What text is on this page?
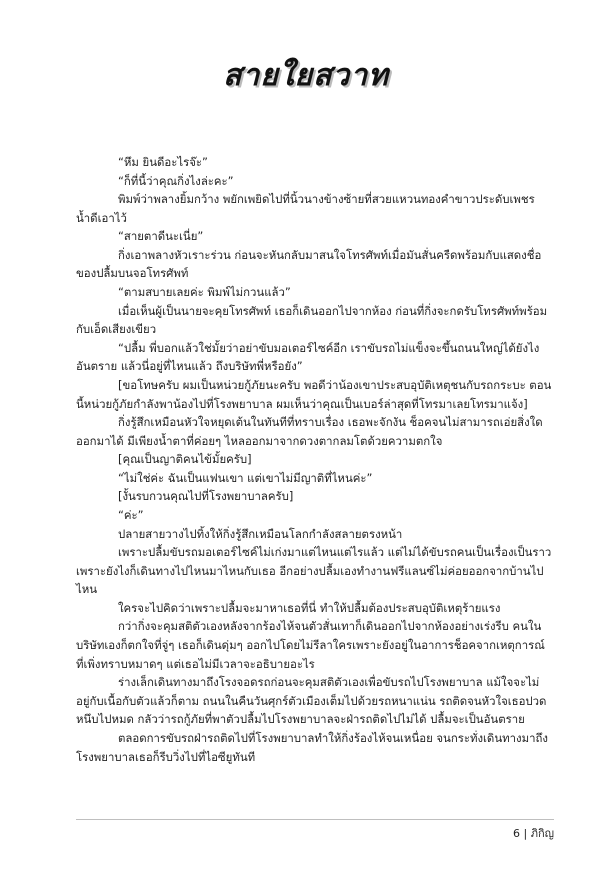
สายใยสวาท

“หึม ยินดีอะไรจ๊ะ”

“ก็ที่นี้ว่าคุณกิ่งไงล่ะคะ”

พิมพ์ว่าพลางยิ้มกว้าง พยักเพยิดไปที่นิ้วนางข้างซ้ายที่สวยแหวนทองคำขาวประดับเพชรน้ำดีเอาไว้

“สายตาดีนะเนี่ย”

กิ่งเอาพลางหัวเราะร่วน ก่อนจะหันกลับมาสนใจโทรศัพท์เมื่อมันสั่นครืดพร้อมกับแสดงชื่อของปลื้มบนจอโทรศัพท์

“ตามสบายเลยค่ะ พิมพ์ไม่กวนแล้ว”

เมื่อเห็นผู้เป็นนายจะคุยโทรศัพท์ เธอก็เดินออกไปจากห้อง ก่อนที่กิ่งจะกดรับโทรศัพท์พร้อมกับเอ็ดเสียงเขียว

“ปลื้ม พี่บอกแล้วใช่มั้ยว่าอย่าขับมอเตอร์ไซค์อีก เราขับรถไม่แข็งจะขึ้นถนนใหญ่ได้ยังไงอันตราย แล้วนี่อยู่ที่ไหนแล้ว ถึงบริษัทพี่หรือยัง”

[ขอโทษครับ ผมเป็นหน่วยกู้ภัยนะครับ พอดีว่าน้องเขาประสบอุบัติเหตุชนกับรถกระบะ ตอนนี้หน่วยกู้ภัยกำลังพาน้องไปที่โรงพยาบาล ผมเห็นว่าคุณเป็นเบอร์ล่าสุดที่โทรมาเลยโทรมาแจ้ง]

กิ่งรู้สึกเหมือนหัวใจหยุดเต้นในทันทีที่ทราบเรื่อง เธอพะจักงัน ช็อคจนไม่สามารถเอ่ยสิ่งใดออกมาได้ มีเพียงน้ำตาที่ค่อยๆ ไหลออกมาจากดวงตากลมโตด้วยความตกใจ

[คุณเป็นญาติคนไข้มั้ยครับ]

“ไม่ใช่ค่ะ ฉันเป็นแฟนเขา แต่เขาไม่มีญาติที่ไหนค่ะ”

[งั้นรบกวนคุณไปที่โรงพยาบาลครับ]

“ค่ะ”

ปลายสายวางไปทิ้งให้กิ่งรู้สึกเหมือนโลกกำลังสลายตรงหน้า

เพราะปลื้มขับรถมอเตอร์ไซค์ไม่เก่งมาแต่ไหนแต่ไรแล้ว แต่ไม่ได้ขับรถคนเป็นเรื่องเป็นราวเพราะยังไงก็เดินทางไปไหนมาไหนกับเธอ อีกอย่างปลื้มเองทำงานฟรีแลนซ์ไม่ค่อยออกจากบ้านไปไหน

ใครจะไปคิดว่าเพราะปลื้มจะมาหาเธอที่นี่ ทำให้ปลื้มต้องประสบอุบัติเหตุร้ายแรง

กว่ากิ่งจะคุมสติตัวเองหลังจากร้องไห้จนตัวสั่นเทาก็เดินออกไปจากห้องอย่างเร่งรีบ คนในบริษัทเองก็ตกใจที่จู่ๆ เธอก็เดินดุ่มๆ ออกไปโดยไม่รีลาใครเพราะยังอยู่ในอาการช็อคจากเหตุการณ์ที่เพิ่งทราบหมาดๆ แต่เธอไม่มีเวลาจะอธิบายอะไร

ร่างเล็กเดินทางมาถึงโรงจอดรถก่อนจะคุมสติตัวเองเพื่อขับรถไปโรงพยาบาล แม้ใจจะไม่อยู่กับเนื้อกับตัวแล้วก็ตาม ถนนในคืนวันศุกร์ตัวเมืองเต็มไปด้วยรถหนาแน่น รถติดจนหัวใจเธอปวดหนึบไปหมด กลัวว่ารถกู้ภัยที่พาตัวปลื้มไปโรงพยาบาลจะฝ่ารถติดไปไม่ได้ ปลื้มจะเป็นอันตราย

ตลอดการขับรถฝ่ารถติดไปที่โรงพยาบาลทำให้กิ่งร้องไห้จนเหนื่อย จนกระทั่งเดินทางมาถึงโรงพยาบาลเธอก็รีบวิ่งไปที่ไอซียูทันที

6 | ภิกิญ
